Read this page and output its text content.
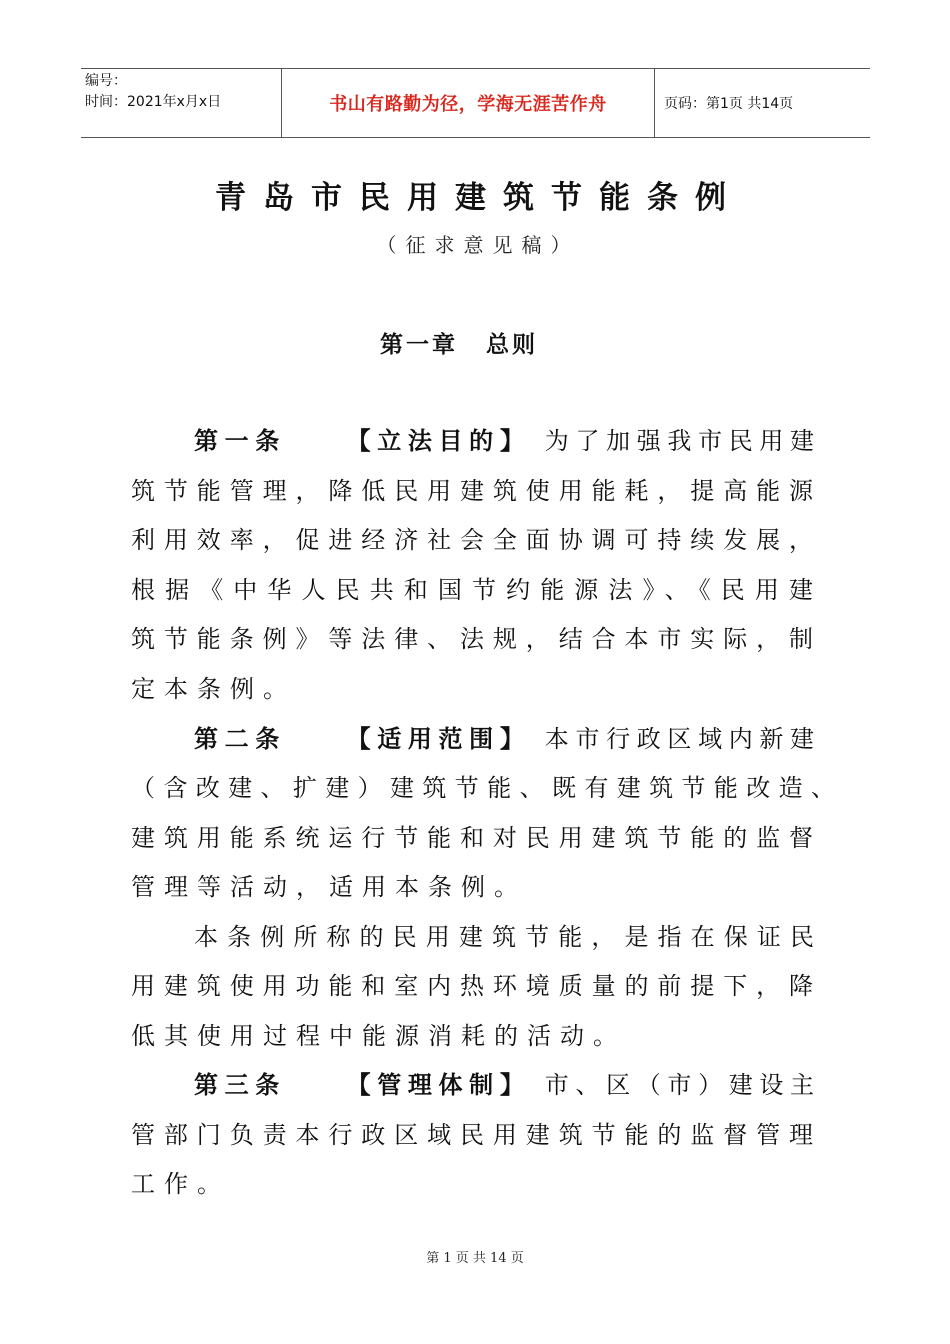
编号：
时间：2021年x月x日	书山有路勤为径，学海无涯苦作舟	页码：第1页 共14页
青岛市民用建筑节能条例
（征求意见稿）
第一章 总则
第一条	【立法目的】 为了加强我市民用建
筑节能管理，降低民用建筑使用能耗，提高能源
利用效率，促进经济社会全面协调可持续发展，
根据《中华人民共和国节约能源法》、《民用建
筑节能条例》等法律、法规，结合本市实际，制
定本条例。
第二条	【适用范围】 本市行政区域内新建
（含改建、扩建）建筑节能、既有建筑节能改造、
建筑用能系统运行节能和对民用建筑节能的监督
管理等活动，适用本条例。
本条例所称的民用建筑节能，是指在保证民
用建筑使用功能和室内热环境质量的前提下，降
低其使用过程中能源消耗的活动。
第三条	【管理体制】 市、区（市）建设主
管部门负责本行政区域民用建筑节能的监督管理
工作。
第 1 页 共 14 页
